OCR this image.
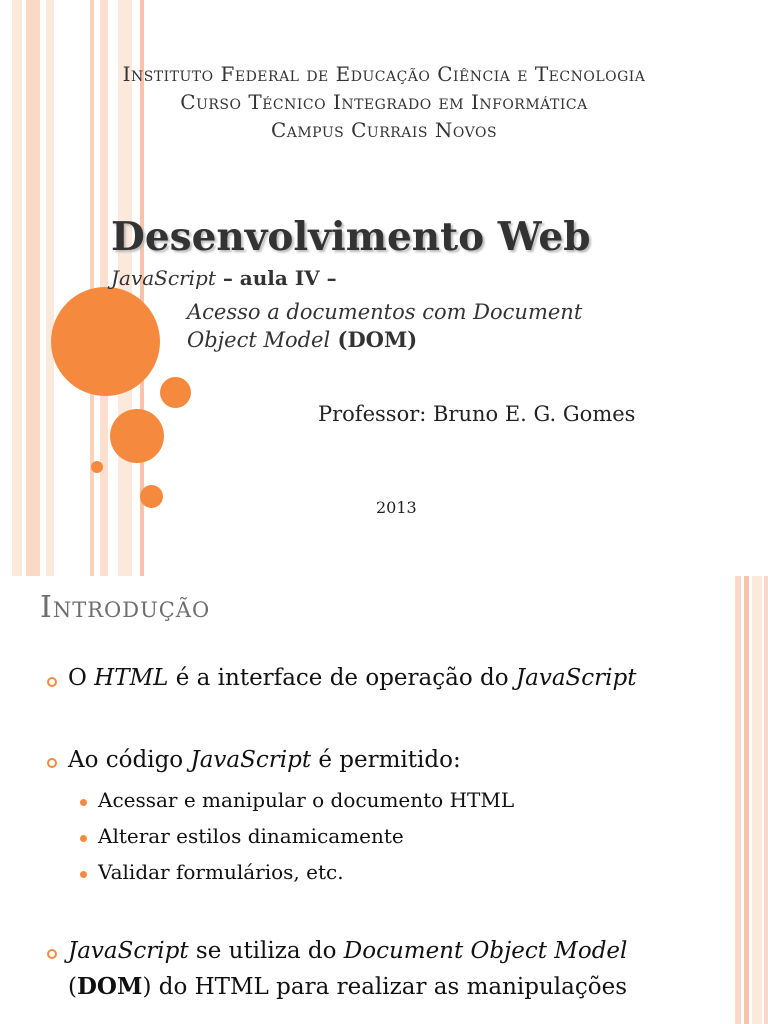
Instituto Federal de Educação Ciência e Tecnologia
Curso Técnico Integrado em Informática
Campus Currais Novos
Desenvolvimento Web
JavaScript – aula IV –
Acesso a documentos com Document
Object Model (DOM)
Professor: Bruno E. G. Gomes
2013
Introdução
O HTML é a interface de operação do JavaScript
Ao código JavaScript é permitido:
Acessar e manipular o documento HTML
Alterar estilos dinamicamente
Validar formulários, etc.
JavaScript se utiliza do Document Object Model
(DOM) do HTML para realizar as manipulações
